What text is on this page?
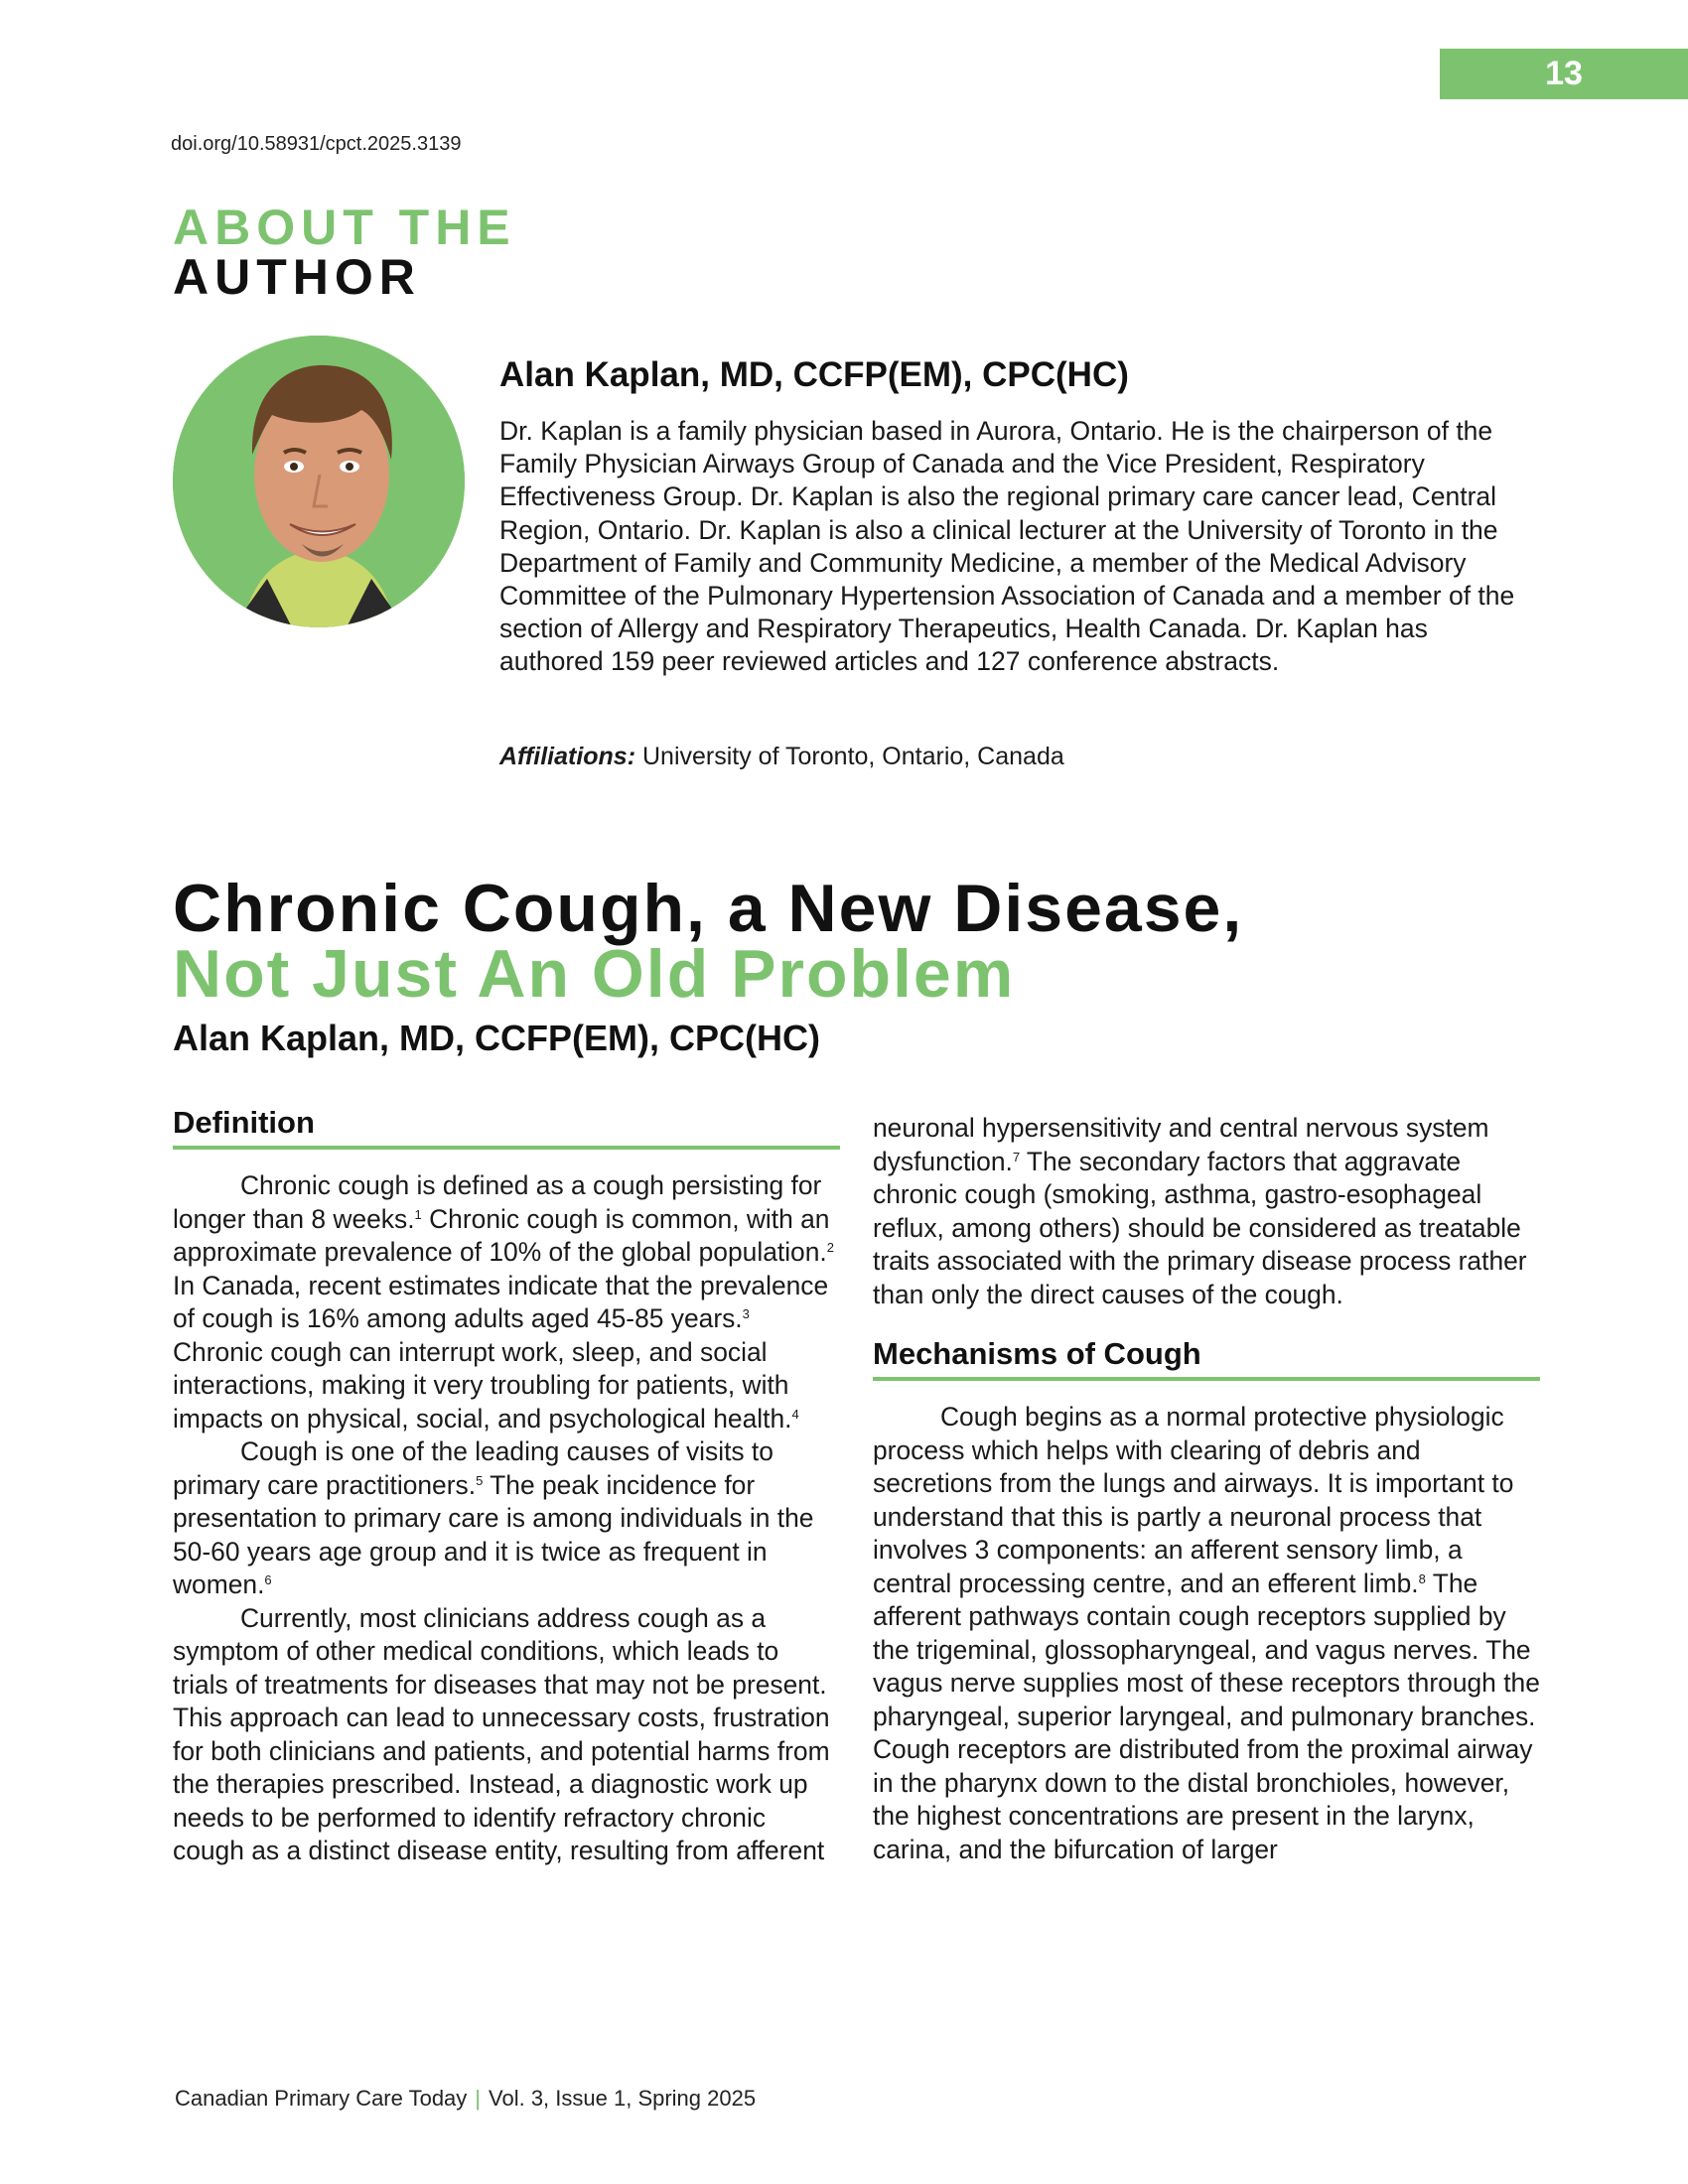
13
doi.org/10.58931/cpct.2025.3139
ABOUT THE
AUTHOR
Alan Kaplan, MD, CCFP(EM), CPC(HC)
Dr. Kaplan is a family physician based in Aurora, Ontario. He is the chairperson of the Family Physician Airways Group of Canada and the Vice President, Respiratory Effectiveness Group. Dr. Kaplan is also the regional primary care cancer lead, Central Region, Ontario. Dr. Kaplan is also a clinical lecturer at the University of Toronto in the Department of Family and Community Medicine, a member of the Medical Advisory Committee of the Pulmonary Hypertension Association of Canada and a member of the section of Allergy and Respiratory Therapeutics, Health Canada. Dr. Kaplan has authored 159 peer reviewed articles and 127 conference abstracts.
Affiliations: University of Toronto, Ontario, Canada
Chronic Cough, a New Disease,
Not Just An Old Problem
Alan Kaplan, MD, CCFP(EM), CPC(HC)
Definition

Chronic cough is defined as a cough persisting for longer than 8 weeks.$^1$ Chronic cough is common, with an approximate prevalence of 10% of the global population.$^2$ In Canada, recent estimates indicate that the prevalence of cough is 16% among adults aged 45-85 years.$^3$ Chronic cough can interrupt work, sleep, and social interactions, making it very troubling for patients, with impacts on physical, social, and psychological health.$^4$

Cough is one of the leading causes of visits to primary care practitioners.$^5$ The peak incidence for presentation to primary care is among individuals in the 50-60 years age group and it is twice as frequent in women.$^6$

Currently, most clinicians address cough as a symptom of other medical conditions, which leads to trials of treatments for diseases that may not be present. This approach can lead to unnecessary costs, frustration for both clinicians and patients, and potential harms from the therapies prescribed. Instead, a diagnostic work up needs to be performed to identify refractory chronic cough as a distinct disease entity, resulting from afferent

neuronal hypersensitivity and central nervous system dysfunction.$^7$ The secondary factors that aggravate chronic cough (smoking, asthma, gastro-esophageal reflux, among others) should be considered as treatable traits associated with the primary disease process rather than only the direct causes of the cough.

Mechanisms of Cough

Cough begins as a normal protective physiologic process which helps with clearing of debris and secretions from the lungs and airways. It is important to understand that this is partly a neuronal process that involves 3 components: an afferent sensory limb, a central processing centre, and an efferent limb.$^8$ The afferent pathways contain cough receptors supplied by the trigeminal, glossopharyngeal, and vagus nerves. The vagus nerve supplies most of these receptors through the pharyngeal, superior laryngeal, and pulmonary branches. Cough receptors are distributed from the proximal airway in the pharynx down to the distal bronchioles, however, the highest concentrations are present in the larynx, carina, and the bifurcation of larger

Canadian Primary Care Today | Vol. 3, Issue 1, Spring 2025
